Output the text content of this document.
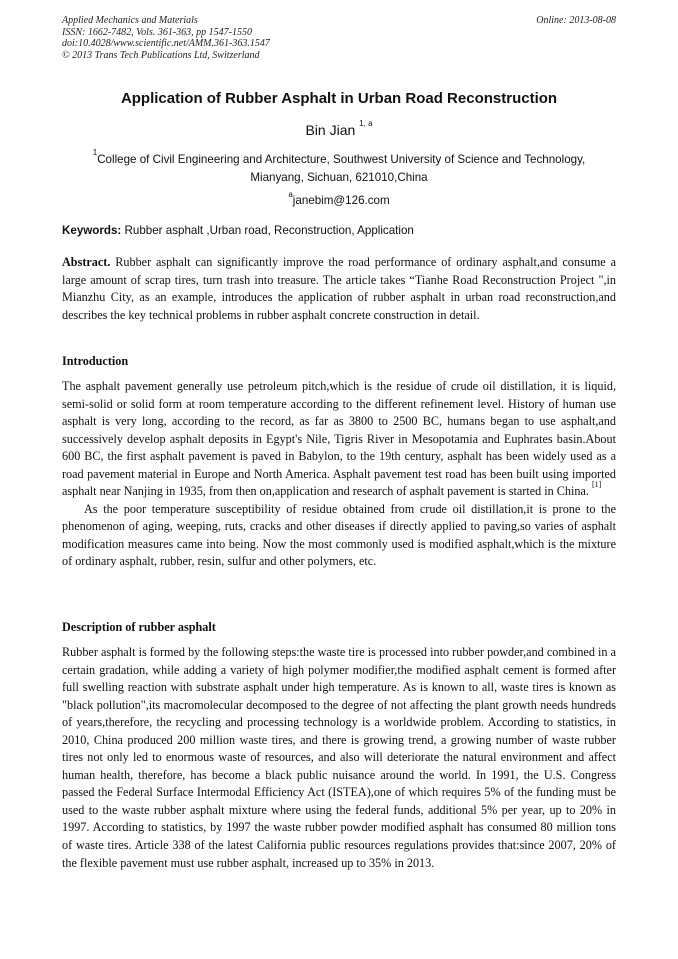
Applied Mechanics and Materials
ISSN: 1662-7482, Vols. 361-363, pp 1547-1550
doi:10.4028/www.scientific.net/AMM.361-363.1547
© 2013 Trans Tech Publications Ltd, Switzerland
Online: 2013-08-08
Application of Rubber Asphalt in Urban Road Reconstruction
Bin Jian $^{1, a}$
$^1$College of Civil Engineering and Architecture, Southwest University of Science and Technology,
Mianyang, Sichuan, 621010,China
$^a$janebim@126.com
Keywords: Rubber asphalt ,Urban road, Reconstruction, Application
Abstract. Rubber asphalt can significantly improve the road performance of ordinary asphalt,and consume a large amount of scrap tires, turn trash into treasure. The article takes “Tianhe Road Reconstruction Project ",in Mianzhu City, as an example, introduces the application of rubber asphalt in urban road reconstruction,and describes the key technical problems in rubber asphalt concrete construction in detail.
Introduction

The asphalt pavement generally use petroleum pitch,which is the residue of crude oil distillation, it is liquid, semi-solid or solid form at room temperature according to the different refinement level. History of human use asphalt is very long, according to the record, as far as 3800 to 2500 BC, humans began to use asphalt,and successively develop asphalt deposits in Egypt's Nile, Tigris River in Mesopotamia and Euphrates basin.About 600 BC, the first asphalt pavement is paved in Babylon, to the 19th century, asphalt has been widely used as a road pavement material in Europe and North America. Asphalt pavement test road has been built using imported asphalt near Nanjing in 1935, from then on,application and research of asphalt pavement is started in China. [1]

As the poor temperature susceptibility of residue obtained from crude oil distillation,it is prone to the phenomenon of aging, weeping, ruts, cracks and other diseases if directly applied to paving,so varies of asphalt modification measures came into being. Now the most commonly used is modified asphalt,which is the mixture of ordinary asphalt, rubber, resin, sulfur and other polymers, etc.

Description of rubber asphalt

Rubber asphalt is formed by the following steps:the waste tire is processed into rubber powder,and combined in a certain gradation, while adding a variety of high polymer modifier,the modified asphalt cement is formed after full swelling reaction with substrate asphalt under high temperature. As is known to all, waste tires is known as "black pollution",its macromolecular decomposed to the degree of not affecting the plant growth needs hundreds of years,therefore, the recycling and processing technology is a worldwide problem. According to statistics, in 2010, China produced 200 million waste tires, and there is growing trend, a growing number of waste rubber tires not only led to enormous waste of resources, and also will deteriorate the natural environment and affect human health, therefore, has become a black public nuisance around the world. In 1991, the U.S. Congress passed the Federal Surface Intermodal Efficiency Act (ISTEA),one of which requires 5% of the funding must be used to the waste rubber asphalt mixture where using the federal funds, additional 5% per year, up to 20% in 1997. According to statistics, by 1997 the waste rubber powder modified asphalt has consumed 80 million tons of waste tires. Article 338 of the latest California public resources regulations provides that:since 2007, 20% of the flexible pavement must use rubber asphalt, increased up to 35% in 2013.
